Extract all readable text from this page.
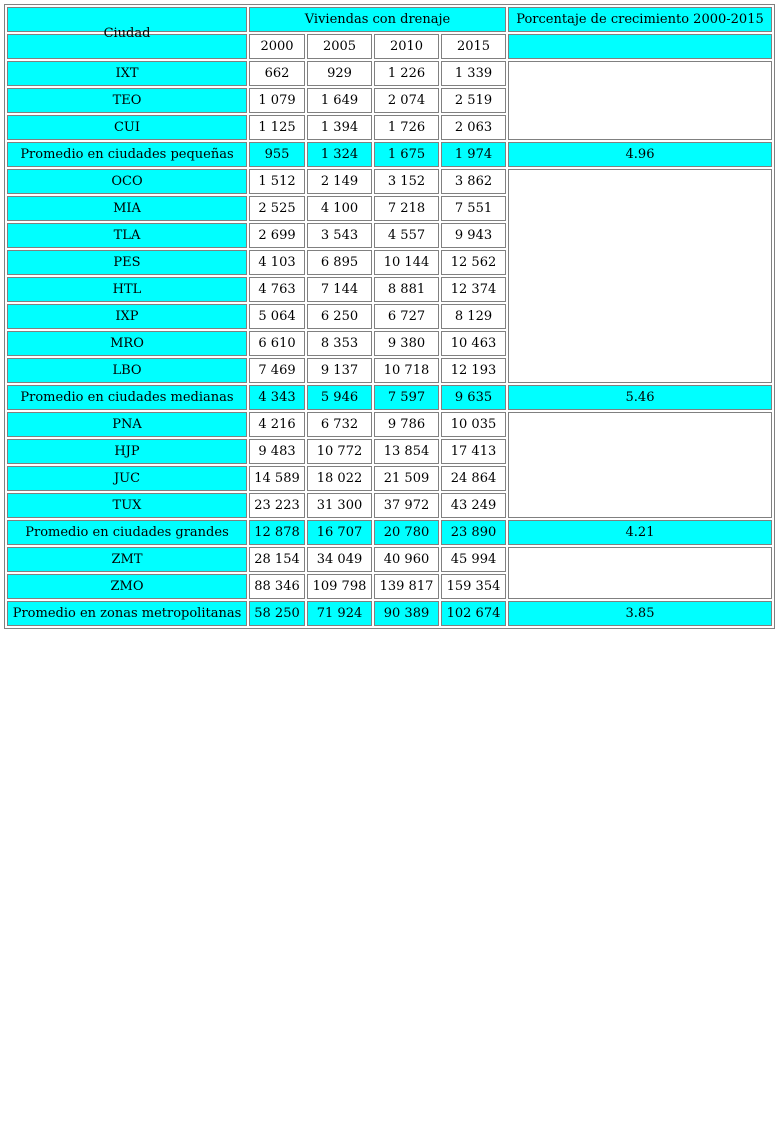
Ciudad	Viviendas con drenaje				Porcentaje de crecimiento 2000-2015
	2000	2005	2010	2015	
IXT	662	929	1 226	1 339	
TEO	1 079	1 649	2 074	2 519	
CUI	1 125	1 394	1 726	2 063	
Promedio en ciudades pequeñas	955	1 324	1 675	1 974	4.96
OCO	1 512	2 149	3 152	3 862	
MIA	2 525	4 100	7 218	7 551	
TLA	2 699	3 543	4 557	9 943	
PES	4 103	6 895	10 144	12 562	
HTL	4 763	7 144	8 881	12 374	
IXP	5 064	6 250	6 727	8 129	
MRO	6 610	8 353	9 380	10 463	
LBO	7 469	9 137	10 718	12 193	
Promedio en ciudades medianas	4 343	5 946	7 597	9 635	5.46
PNA	4 216	6 732	9 786	10 035	
HJP	9 483	10 772	13 854	17 413	
JUC	14 589	18 022	21 509	24 864	
TUX	23 223	31 300	37 972	43 249	
Promedio en ciudades grandes	12 878	16 707	20 780	23 890	4.21
ZMT	28 154	34 049	40 960	45 994	
ZMO	88 346	109 798	139 817	159 354	
Promedio en zonas metropolitanas	58 250	71 924	90 389	102 674	3.85
